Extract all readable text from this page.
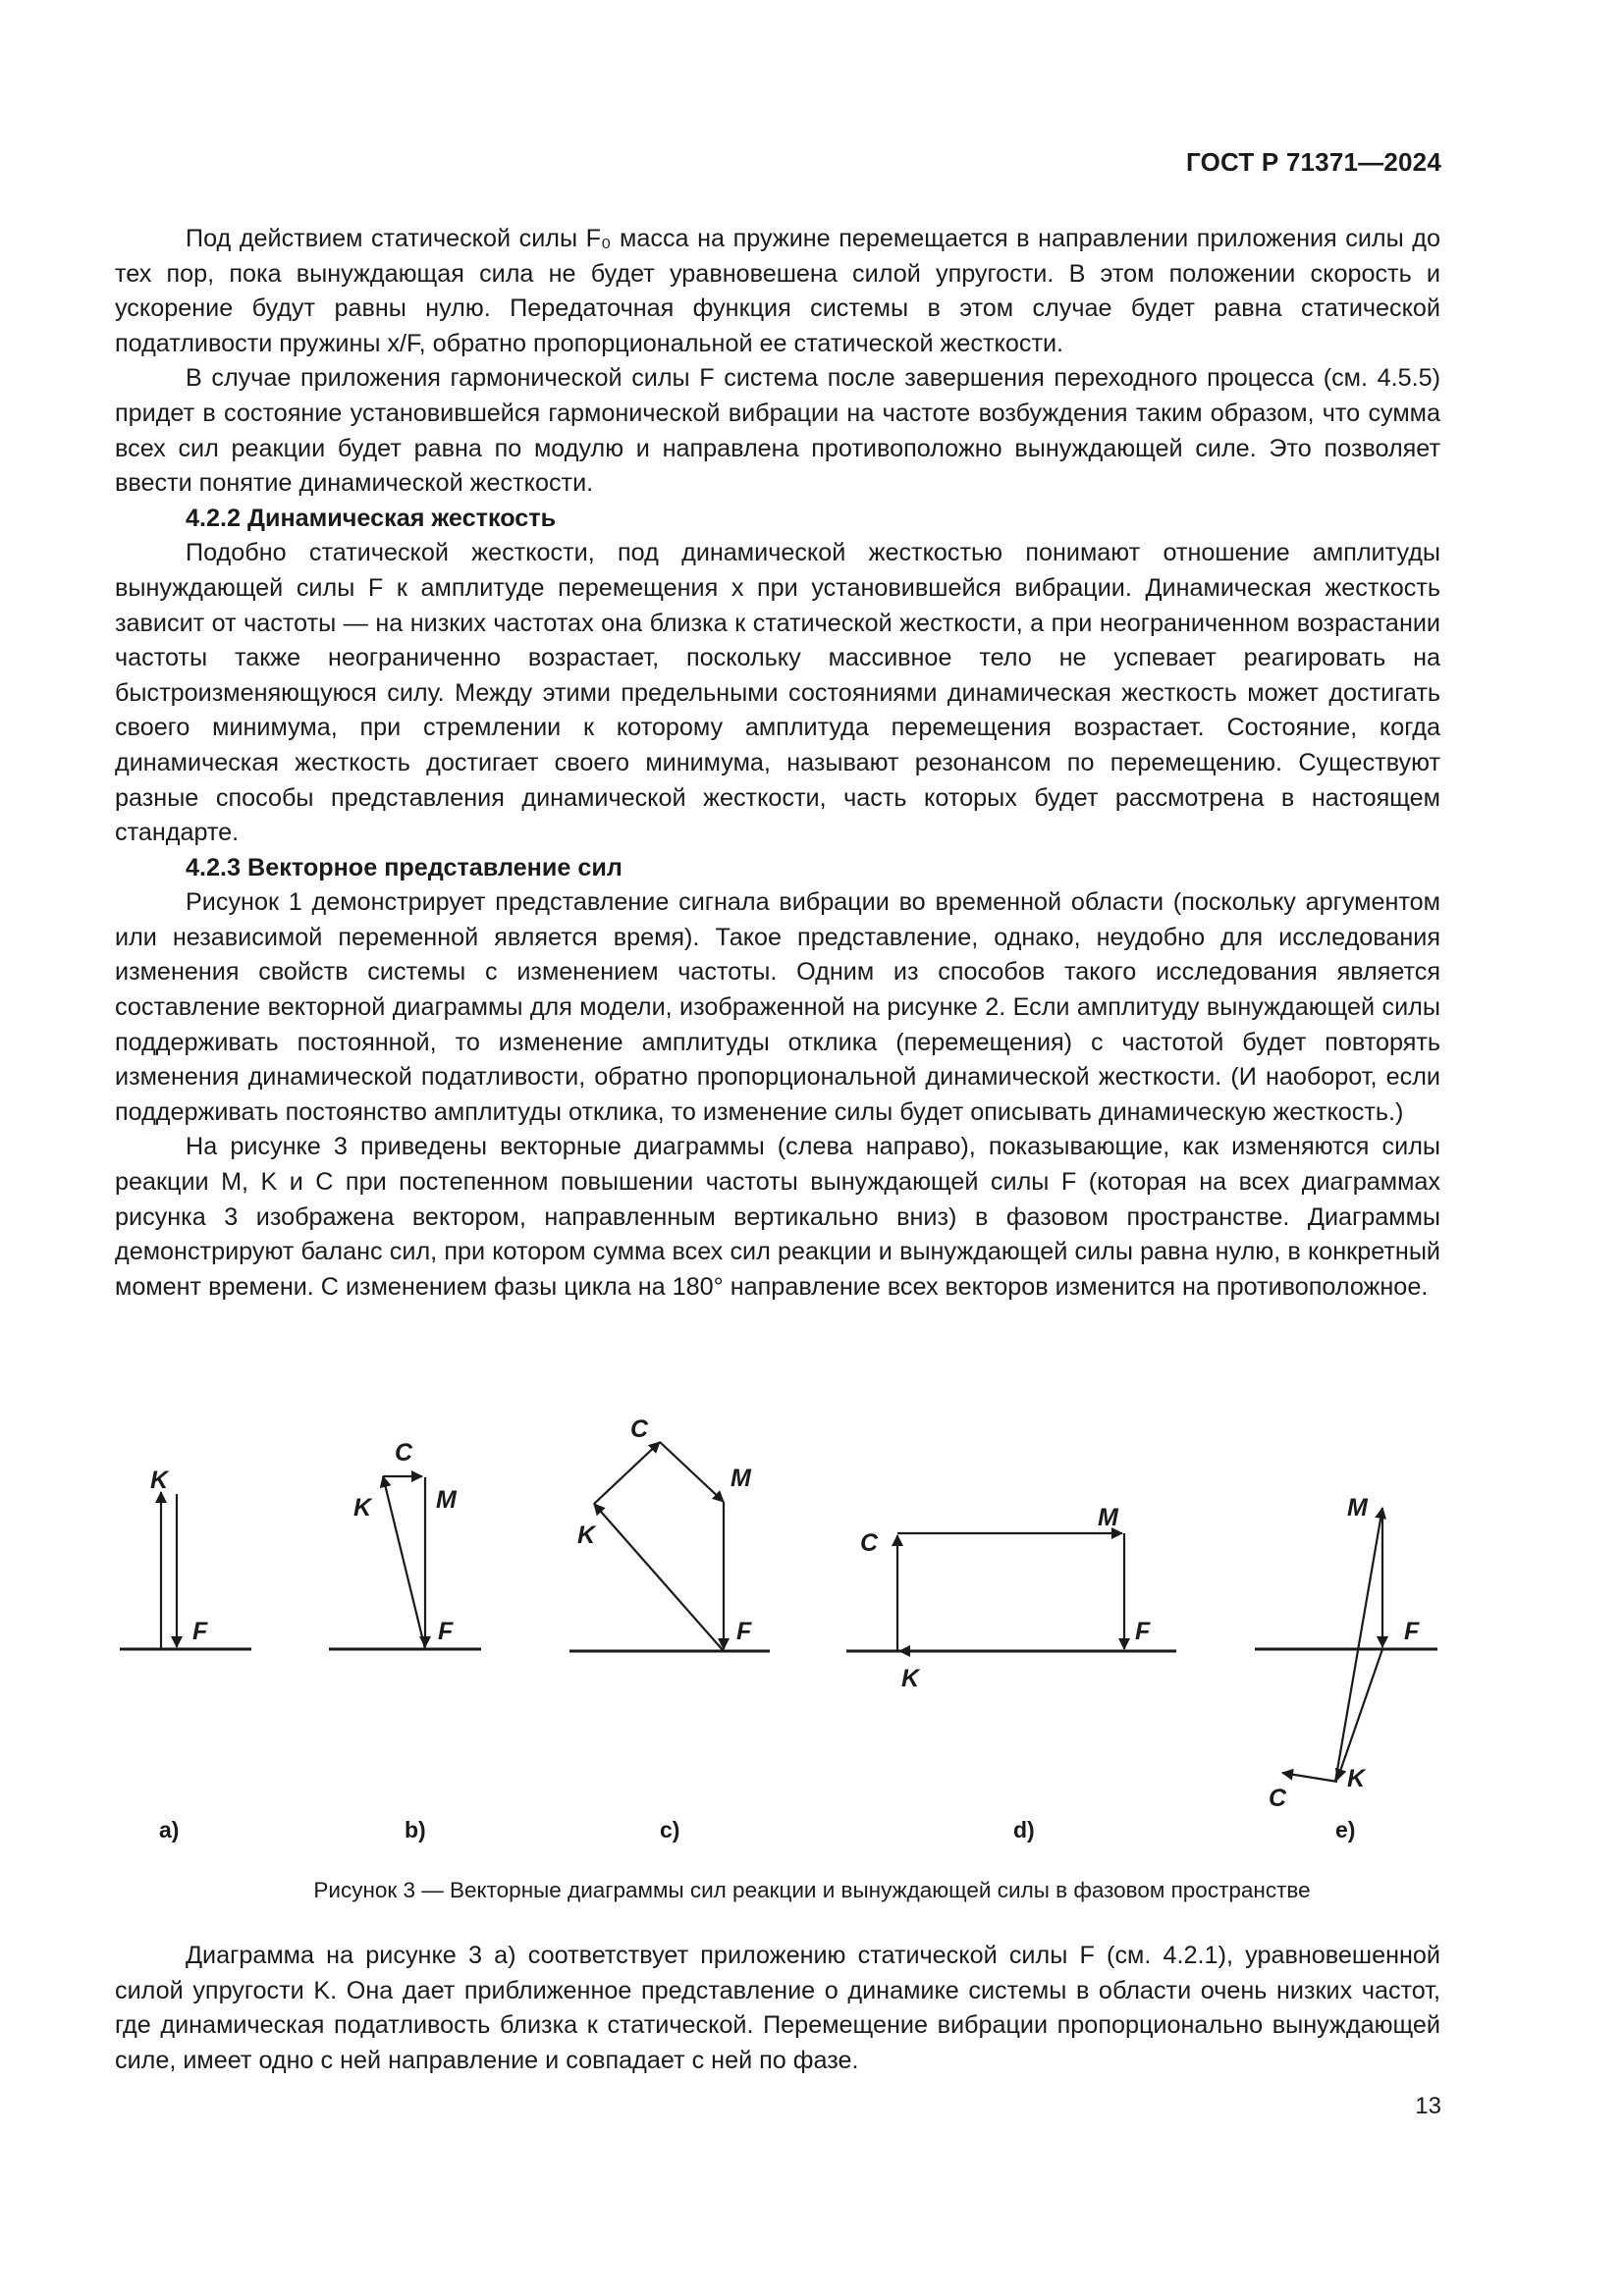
ГОСТ Р 71371—2024

Под действием статической силы F₀ масса на пружине перемещается в направлении приложения силы до тех пор, пока вынуждающая сила не будет уравновешена силой упругости. В этом положении скорость и ускорение будут равны нулю. Передаточная функция системы в этом случае будет равна статической податливости пружины x/F, обратно пропорциональной ее статической жесткости.

В случае приложения гармонической силы F система после завершения переходного процесса (см. 4.5.5) придет в состояние установившейся гармонической вибрации на частоте возбуждения таким образом, что сумма всех сил реакции будет равна по модулю и направлена противоположно вынуждающей силе. Это позволяет ввести понятие динамической жесткости.

4.2.2 Динамическая жесткость

Подобно статической жесткости, под динамической жесткостью понимают отношение амплитуды вынуждающей силы F к амплитуде перемещения x при установившейся вибрации. Динамическая жесткость зависит от частоты — на низких частотах она близка к статической жесткости, а при неограниченном возрастании частоты также неограниченно возрастает, поскольку массивное тело не успевает реагировать на быстроизменяющуюся силу. Между этими предельными состояниями динамическая жесткость может достигать своего минимума, при стремлении к которому амплитуда перемещения возрастает. Состояние, когда динамическая жесткость достигает своего минимума, называют резонансом по перемещению. Существуют разные способы представления динамической жесткости, часть которых будет рассмотрена в настоящем стандарте.

4.2.3 Векторное представление сил

Рисунок 1 демонстрирует представление сигнала вибрации во временной области (поскольку аргументом или независимой переменной является время). Такое представление, однако, неудобно для исследования изменения свойств системы с изменением частоты. Одним из способов такого исследования является составление векторной диаграммы для модели, изображенной на рисунке 2. Если амплитуду вынуждающей силы поддерживать постоянной, то изменение амплитуды отклика (перемещения) с частотой будет повторять изменения динамической податливости, обратно пропорциональной динамической жесткости. (И наоборот, если поддерживать постоянство амплитуды отклика, то изменение силы будет описывать динамическую жесткость.)

На рисунке 3 приведены векторные диаграммы (слева направо), показывающие, как изменяются силы реакции M, K и C при постепенном повышении частоты вынуждающей силы F (которая на всех диаграммах рисунка 3 изображена вектором, направленным вертикально вниз) в фазовом пространстве. Диаграммы демонстрируют баланс сил, при котором сумма всех сил реакции и вынуждающей силы равна нулю, в конкретный момент времени. С изменением фазы цикла на 180° направление всех векторов изменится на противоположное.

K
F
a)
C
K	M
F
b)
C
M
K
F
c)
C
M
F
K
d)
M
F
C
K
e)
Рисунок 3 — Векторные диаграммы сил реакции и вынуждающей силы в фазовом пространстве

Диаграмма на рисунке 3 а) соответствует приложению статической силы F (см. 4.2.1), уравновешенной силой упругости K. Она дает приближенное представление о динамике системы в области очень низких частот, где динамическая податливость близка к статической. Перемещение вибрации пропорционально вынуждающей силе, имеет одно с ней направление и совпадает с ней по фазе.

13
